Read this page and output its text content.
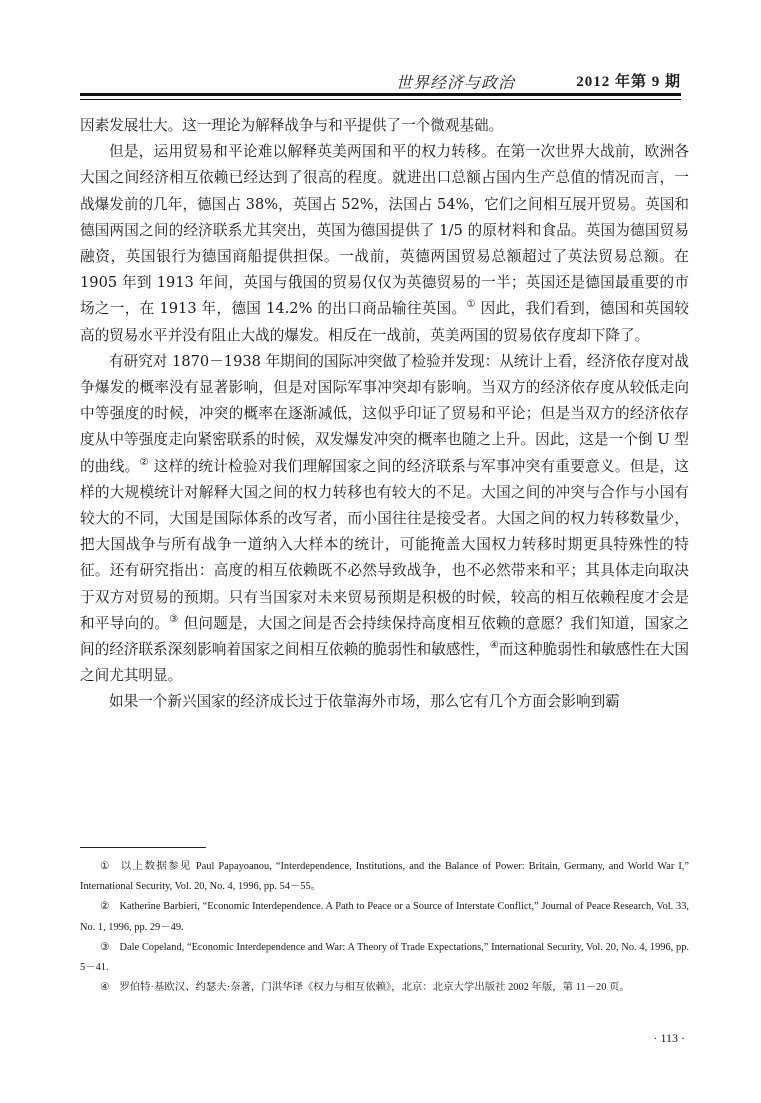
世界经济与政治	2012 年第 9 期

因素发展壮大。这一理论为解释战争与和平提供了一个微观基础。

但是，运用贸易和平论难以解释英美两国和平的权力转移。在第一次世界大战前，欧洲各大国之间经济相互依赖已经达到了很高的程度。就进出口总额占国内生产总值的情况而言，一战爆发前的几年，德国占 38%，英国占 52%，法国占 54%，它们之间相互展开贸易。英国和德国两国之间的经济联系尤其突出，英国为德国提供了 1/5 的原材料和食品。英国为德国贸易融资，英国银行为德国商船提供担保。一战前，英德两国贸易总额超过了英法贸易总额。在 1905 年到 1913 年间，英国与俄国的贸易仅仅为英德贸易的一半；英国还是德国最重要的市场之一，在 1913 年，德国 14.2% 的出口商品输往英国。① 因此，我们看到，德国和英国较高的贸易水平并没有阻止大战的爆发。相反在一战前，英美两国的贸易依存度却下降了。

有研究对 1870－1938 年期间的国际冲突做了检验并发现：从统计上看，经济依存度对战争爆发的概率没有显著影响，但是对国际军事冲突却有影响。当双方的经济依存度从较低走向中等强度的时候，冲突的概率在逐渐减低，这似乎印证了贸易和平论；但是当双方的经济依存度从中等强度走向紧密联系的时候，双发爆发冲突的概率也随之上升。因此，这是一个倒 U 型的曲线。② 这样的统计检验对我们理解国家之间的经济联系与军事冲突有重要意义。但是，这样的大规模统计对解释大国之间的权力转移也有较大的不足。大国之间的冲突与合作与小国有较大的不同，大国是国际体系的改写者，而小国往往是接受者。大国之间的权力转移数量少，把大国战争与所有战争一道纳入大样本的统计，可能掩盖大国权力转移时期更具特殊性的特征。还有研究指出：高度的相互依赖既不必然导致战争，也不必然带来和平；其具体走向取决于双方对贸易的预期。只有当国家对未来贸易预期是积极的时候，较高的相互依赖程度才会是和平导向的。③ 但问题是，大国之间是否会持续保持高度相互依赖的意愿？我们知道，国家之间的经济联系深刻影响着国家之间相互依赖的脆弱性和敏感性，④而这种脆弱性和敏感性在大国之间尤其明显。

如果一个新兴国家的经济成长过于依靠海外市场，那么它有几个方面会影响到霸

① 以上数据参见 Paul Papayoanou, “Interdependence, Institutions, and the Balance of Power: Britain, Germany, and World War I,” International Security, Vol. 20, No. 4, 1996, pp. 54－55。

② Katherine Barbieri, “Economic Interdependence. A Path to Peace or a Source of Interstate Conflict,” Journal of Peace Research, Vol. 33, No. 1, 1996, pp. 29－49.

③ Dale Copeland, “Economic Interdependence and War: A Theory of Trade Expectations,” International Security, Vol. 20, No. 4, 1996, pp. 5－41.

④ 罗伯特·基欧汉、约瑟夫·奈著，门洪华译《权力与相互依赖》，北京：北京大学出版社 2002 年版，第 11－20 页。

· 113 ·
